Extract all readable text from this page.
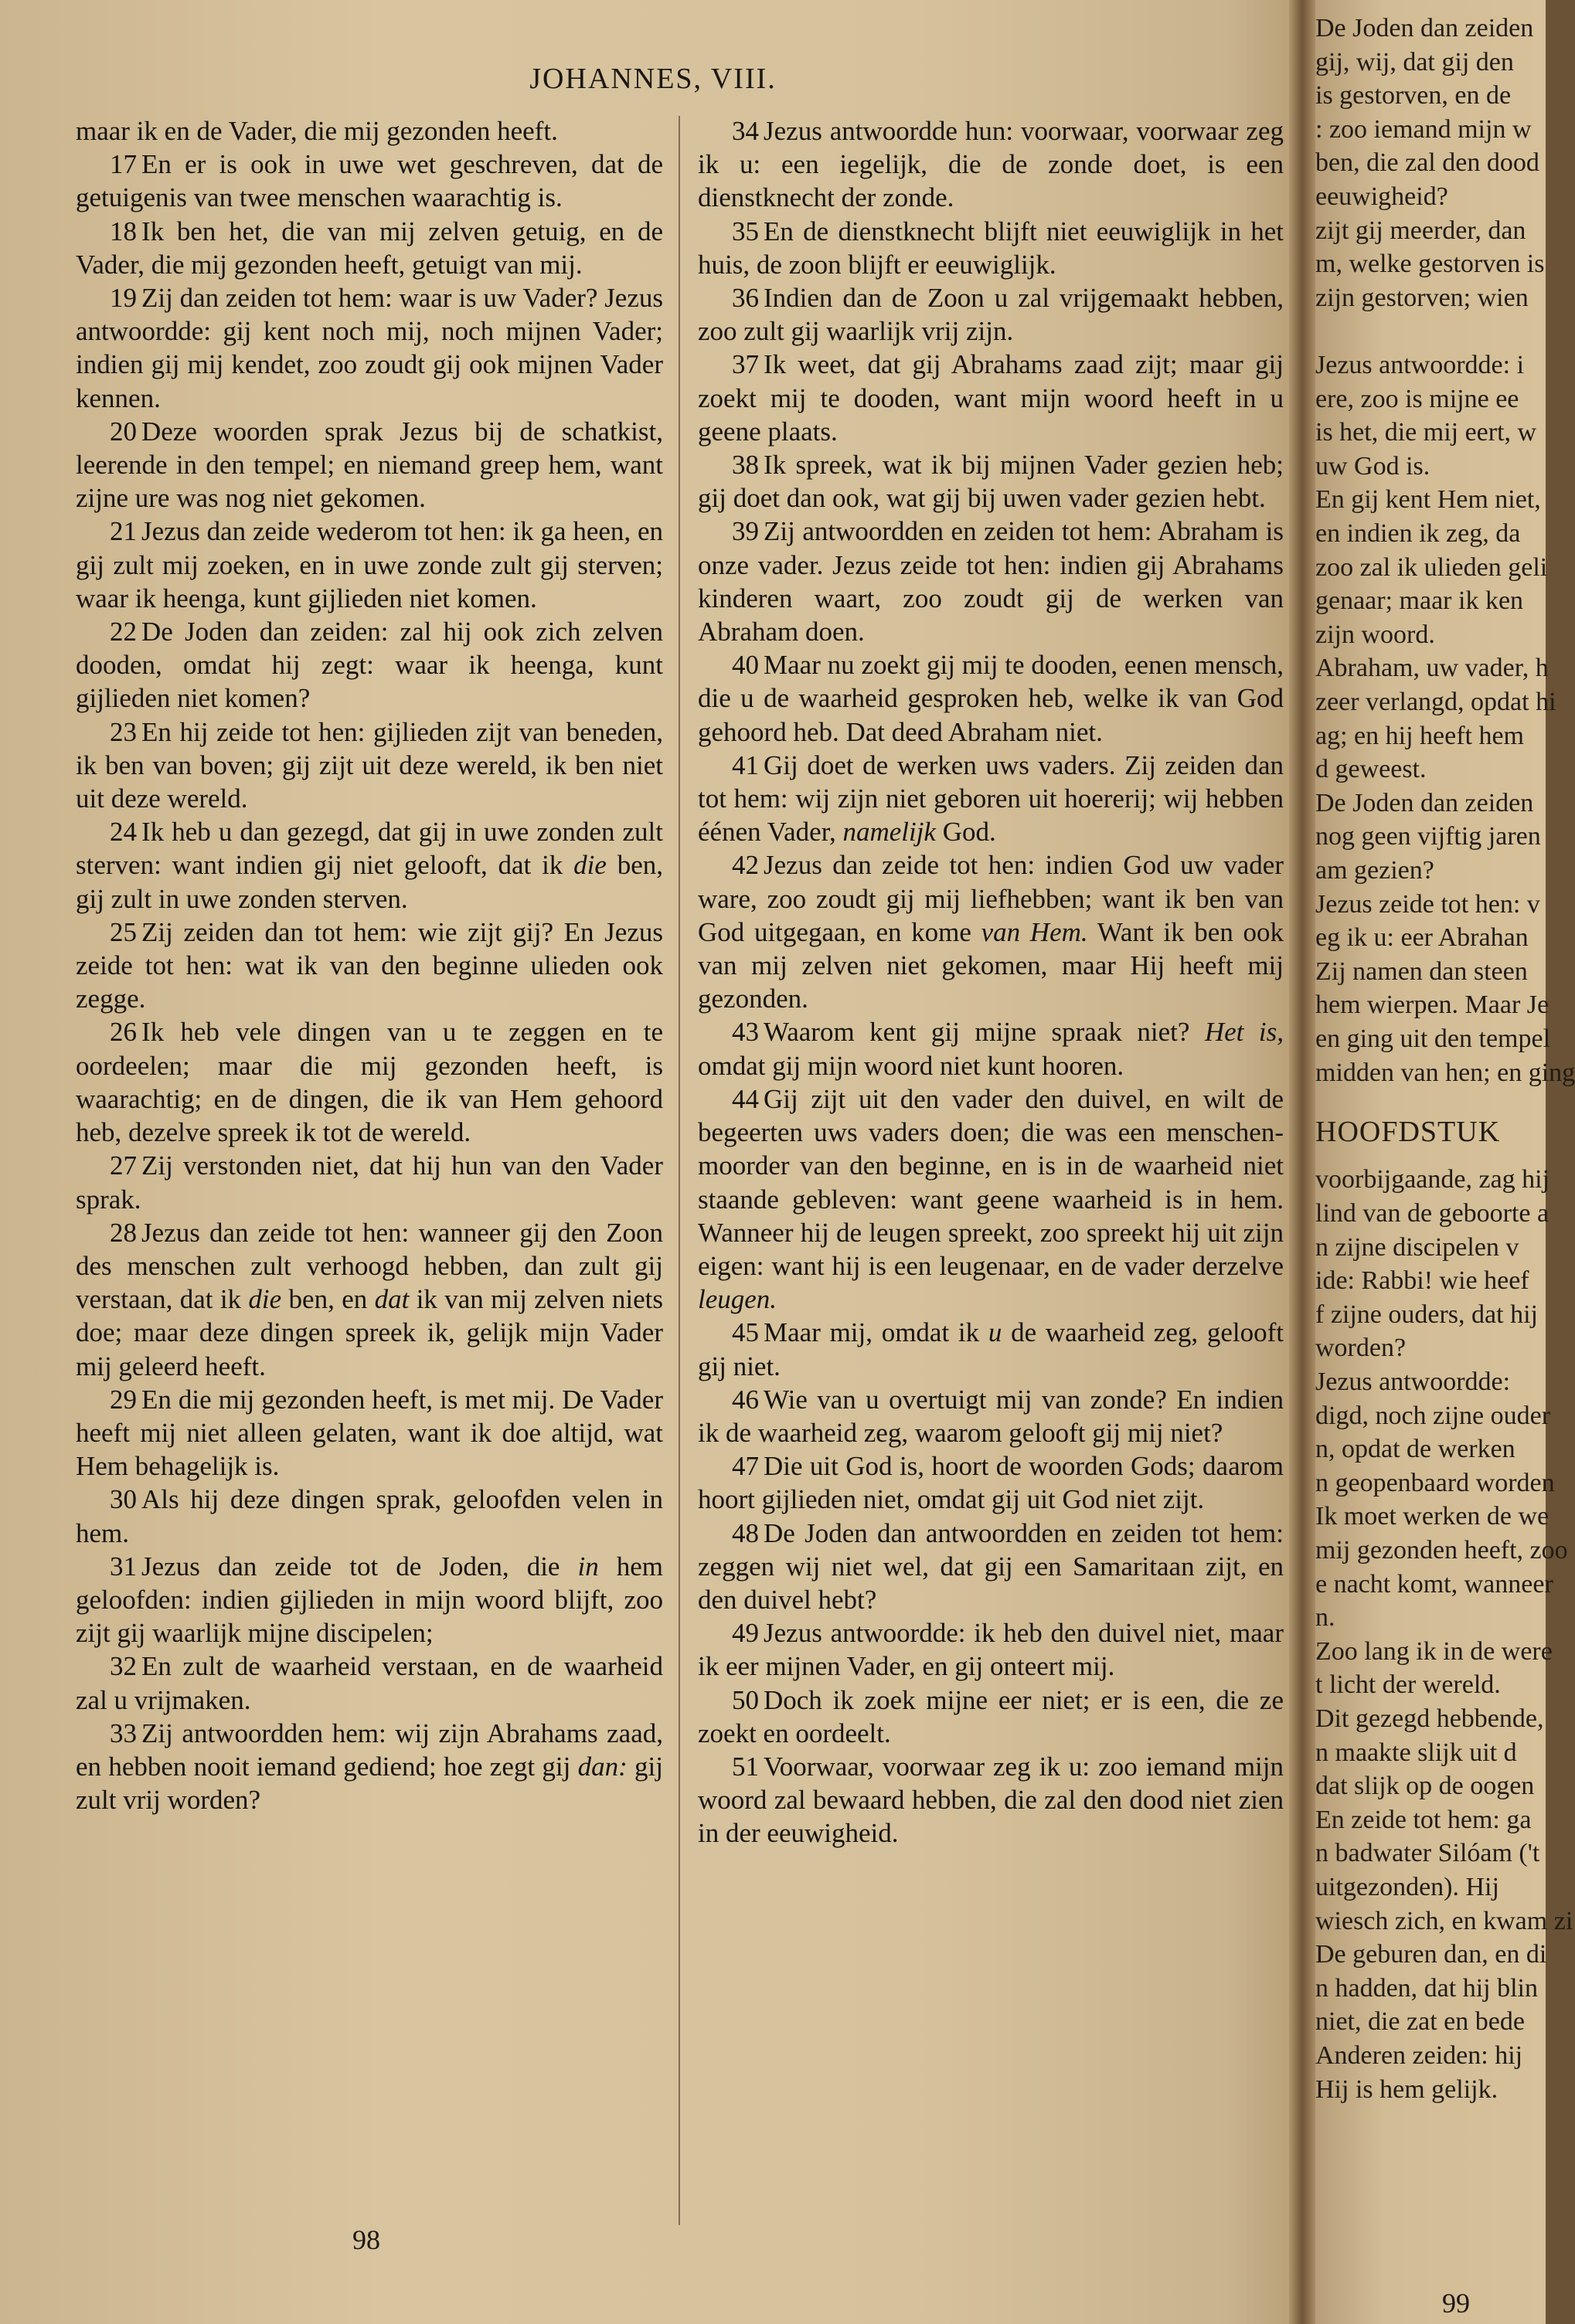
JOHANNES, VIII.

maar ik en de Vader, die mij gezonden heeft.

17 En er is ook in uwe wet geschreven, dat de getuigenis van twee menschen waarachtig is.

18 Ik ben het, die van mij zelven getuig, en de Vader, die mij gezonden heeft, getuigt van mij.

19 Zij dan zeiden tot hem: waar is uw Vader? Jezus antwoordde: gij kent noch mij, noch mijnen Vader; indien gij mij kendet, zoo zoudt gij ook mijnen Vader kennen.

20 Deze woorden sprak Jezus bij de schatkist, leerende in den tempel; en niemand greep hem, want zijne ure was nog niet gekomen.

21 Jezus dan zeide wederom tot hen: ik ga heen, en gij zult mij zoeken, en in uwe zonde zult gij sterven; waar ik heenga, kunt gijlieden niet komen.

22 De Joden dan zeiden: zal hij ook zich zelven dooden, omdat hij zegt: waar ik heenga, kunt gijlieden niet komen?

23 En hij zeide tot hen: gijlieden zijt van beneden, ik ben van boven; gij zijt uit deze wereld, ik ben niet uit deze wereld.

24 Ik heb u dan gezegd, dat gij in uwe zonden zult sterven: want indien gij niet gelooft, dat ik die ben, gij zult in uwe zonden sterven.

25 Zij zeiden dan tot hem: wie zijt gij? En Jezus zeide tot hen: wat ik van den beginne ulieden ook zegge.

26 Ik heb vele dingen van u te zeggen en te oordeelen; maar die mij gezonden heeft, is waarachtig; en de dingen, die ik van Hem gehoord heb, dezelve spreek ik tot de wereld.

27 Zij verstonden niet, dat hij hun van den Vader sprak.

28 Jezus dan zeide tot hen: wanneer gij den Zoon des menschen zult verhoogd hebben, dan zult gij verstaan, dat ik die ben, en dat ik van mij zelven niets doe; maar deze dingen spreek ik, gelijk mijn Vader mij geleerd heeft.

29 En die mij gezonden heeft, is met mij. De Vader heeft mij niet alleen gelaten, want ik doe altijd, wat Hem behagelijk is.

30 Als hij deze dingen sprak, geloofden velen in hem.

31 Jezus dan zeide tot de Joden, die in hem geloofden: indien gijlieden in mijn woord blijft, zoo zijt gij waarlijk mijne discipelen;

32 En zult de waarheid verstaan, en de waarheid zal u vrijmaken.

33 Zij antwoordden hem: wij zijn Abrahams zaad, en hebben nooit iemand gediend; hoe zegt gij dan: gij zult vrij worden?

34 Jezus antwoordde hun: voorwaar, voorwaar zeg ik u: een iegelijk, die de zonde doet, is een dienstknecht der zonde.

35 En de dienstknecht blijft niet eeuwiglijk in het huis, de zoon blijft er eeuwiglijk.

36 Indien dan de Zoon u zal vrijgemaakt hebben, zoo zult gij waarlijk vrij zijn.

37 Ik weet, dat gij Abrahams zaad zijt; maar gij zoekt mij te dooden, want mijn woord heeft in u geene plaats.

38 Ik spreek, wat ik bij mijnen Vader gezien heb; gij doet dan ook, wat gij bij uwen vader gezien hebt.

39 Zij antwoordden en zeiden tot hem: Abraham is onze vader. Jezus zeide tot hen: indien gij Abrahams kinderen waart, zoo zoudt gij de werken van Abraham doen.

40 Maar nu zoekt gij mij te dooden, eenen mensch, die u de waarheid gesproken heb, welke ik van God gehoord heb. Dat deed Abraham niet.

41 Gij doet de werken uws vaders. Zij zeiden dan tot hem: wij zijn niet geboren uit hoererij; wij hebben éénen Vader, namelijk God.

42 Jezus dan zeide tot hen: indien God uw vader ware, zoo zoudt gij mij liefhebben; want ik ben van God uitgegaan, en kome van Hem. Want ik ben ook van mij zelven niet gekomen, maar Hij heeft mij gezonden.

43 Waarom kent gij mijne spraak niet? Het is, omdat gij mijn woord niet kunt hooren.

44 Gij zijt uit den vader den duivel, en wilt de begeerten uws vaders doen; die was een menschen-moorder van den beginne, en is in de waarheid niet staande gebleven: want geene waarheid is in hem. Wanneer hij de leugen spreekt, zoo spreekt hij uit zijn eigen: want hij is een leugenaar, en de vader derzelve leugen.

45 Maar mij, omdat ik u de waarheid zeg, gelooft gij niet.

46 Wie van u overtuigt mij van zonde? En indien ik de waarheid zeg, waarom gelooft gij mij niet?

47 Die uit God is, hoort de woorden Gods; daarom hoort gijlieden niet, omdat gij uit God niet zijt.

48 De Joden dan antwoordden en zeiden tot hem: zeggen wij niet wel, dat gij een Samaritaan zijt, en den duivel hebt?

49 Jezus antwoordde: ik heb den duivel niet, maar ik eer mijnen Vader, en gij onteert mij.

50 Doch ik zoek mijne eer niet; er is een, die ze zoekt en oordeelt.

51 Voorwaar, voorwaar zeg ik u: zoo iemand mijn woord zal bewaard hebben, die zal den dood niet zien in der eeuwigheid.

98
99
De Joden dan zeiden
gij, wij, dat gij den
is gestorven, en de
: zoo iemand mijn w
ben, die zal den dood
eeuwigheid?
zijt gij meerder, dan
m, welke gestorven is
zijn gestorven; wien
Jezus antwoordde: i
ere, zoo is mijne ee
is het, die mij eert, w
uw God is.
En gij kent Hem niet,
en indien ik zeg, da
zoo zal ik ulieden geli
genaar; maar ik ken
zijn woord.
Abraham, uw vader, h
zeer verlangd, opdat hi
ag; en hij heeft hem
d geweest.
De Joden dan zeiden
nog geen vijftig jaren
am gezien?
Jezus zeide tot hen: v
eg ik u: eer Abrahan
Zij namen dan steen
hem wierpen. Maar Je
en ging uit den tempel
midden van hen; en ging
HOOFDSTUK
voorbijgaande, zag hij
lind van de geboorte a
n zijne discipelen v
ide: Rabbi! wie heef
f zijne ouders, dat hij
worden?
Jezus antwoordde:
digd, noch zijne ouder
n, opdat de werken
n geopenbaard worden
Ik moet werken de we
mij gezonden heeft, zoo
e nacht komt, wanneer
n.
Zoo lang ik in de were
t licht der wereld.
Dit gezegd hebbende,
n maakte slijk uit d
dat slijk op de oogen
En zeide tot hem: ga
n badwater Silóam ('t
uitgezonden). Hij
wiesch zich, en kwam zi
De geburen dan, en di
n hadden, dat hij blin
niet, die zat en bede
Anderen zeiden: hij
Hij is hem gelijk.
